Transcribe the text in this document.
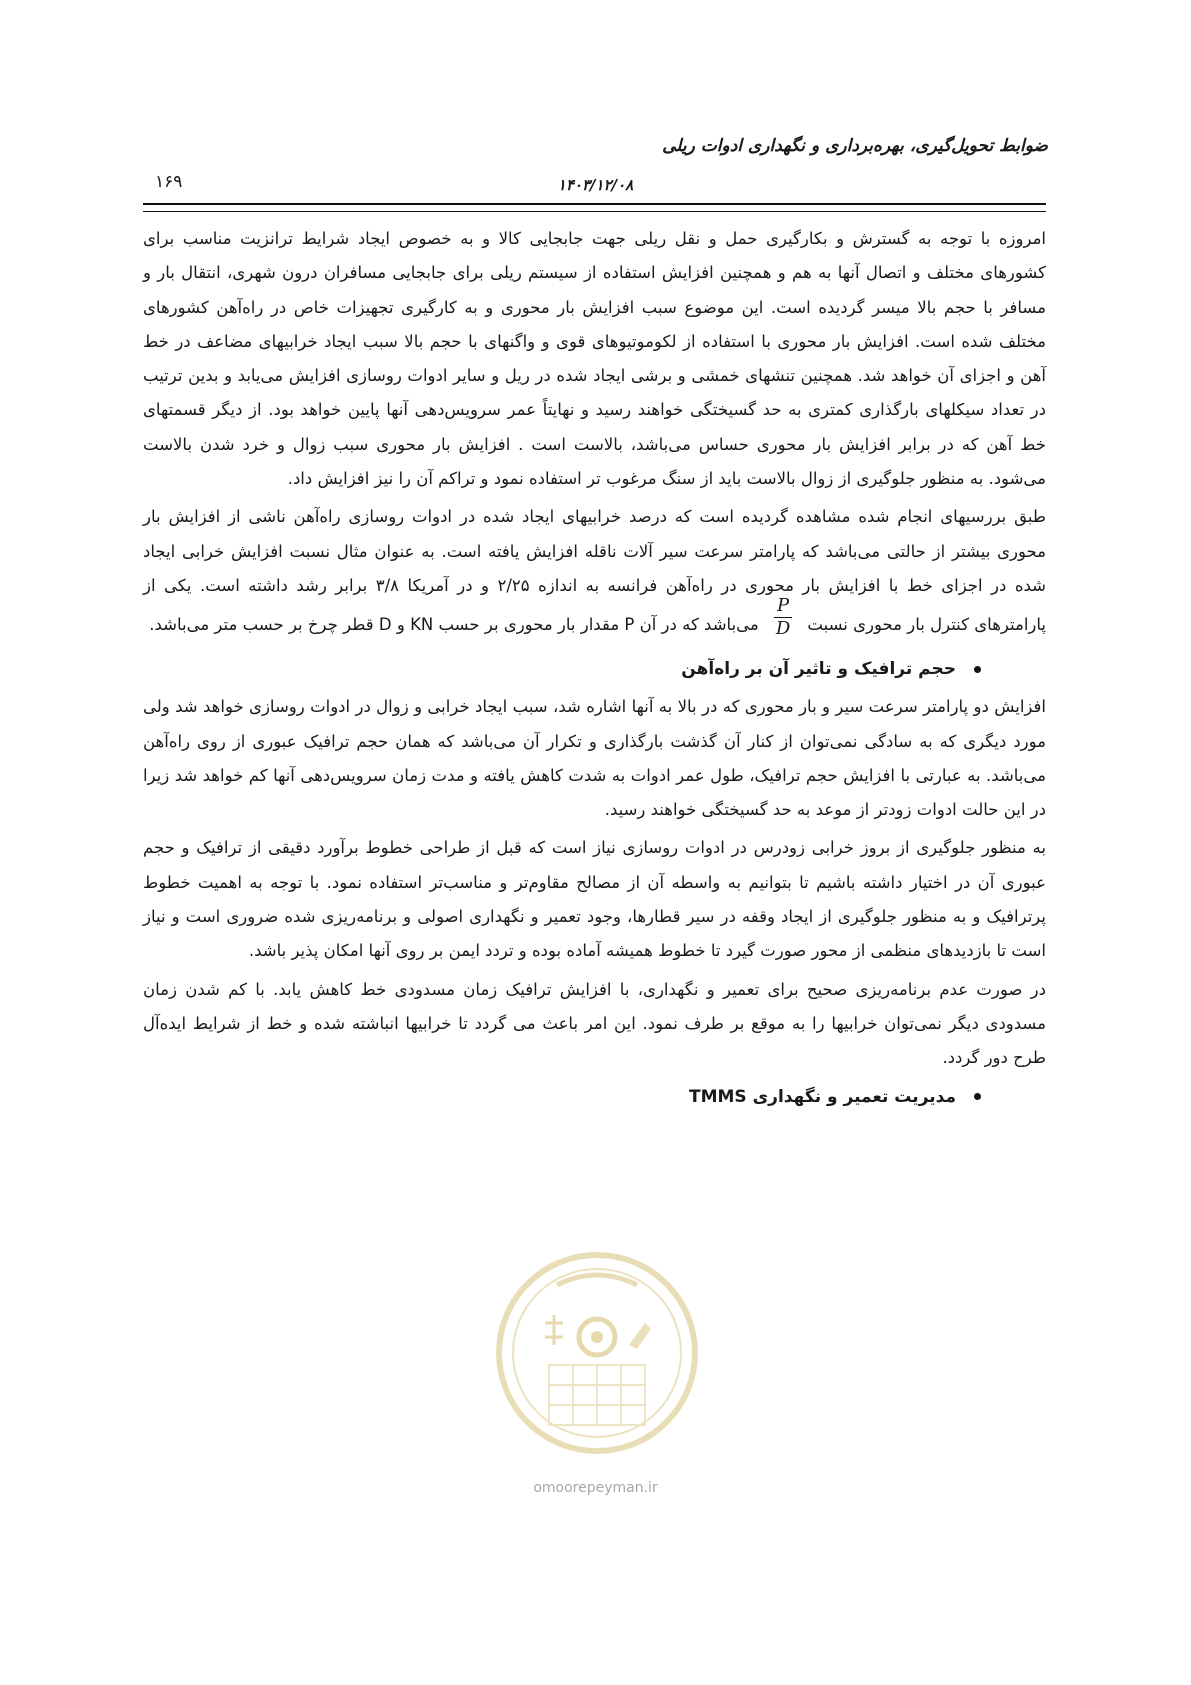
ضوابط تحویل‌گیری، بهره‌برداری و نگهداری ادوات ریلی
۱۶۹	۱۴۰۳/۱۲/۰۸

امروزه با توجه به گسترش و بکارگیری حمل و نقل ریلی جهت جابجایی کالا و به خصوص ایجاد شرایط ترانزیت مناسب برای کشورهای مختلف و اتصال آنها به هم و همچنین افزایش استفاده از سیستم ریلی برای جابجایی مسافران درون شهری، انتقال بار و مسافر با حجم بالا میسر گردیده است. این موضوع سبب افزایش بار محوری و به کارگیری تجهیزات خاص در راه‌آهن کشورهای مختلف شده است. افزایش بار محوری با استفاده از لکوموتیوهای قوی و واگنهای با حجم بالا سبب ایجاد خرابیهای مضاعف در خط آهن و اجزای آن خواهد شد. همچنین تنشهای خمشی و برشی ایجاد شده در ریل و سایر ادوات روسازی افزایش می‌یابد و بدین ترتیب در تعداد سیکلهای بارگذاری کمتری به حد گسیختگی خواهند رسید و نهایتاً عمر سرویس‌دهی آنها پایین خواهد بود. از دیگر قسمتهای خط آهن که در برابر افزایش بار محوری حساس می‌باشد، بالاست است . افزایش بار محوری سبب زوال و خرد شدن بالاست می‌شود. به منظور جلوگیری از زوال بالاست باید از سنگ مرغوب تر استفاده نمود و تراکم آن را نیز افزایش داد.

طبق بررسیهای انجام شده مشاهده گردیده است که درصد خرابیهای ایجاد شده در ادوات روسازی راه‌آهن ناشی از افزایش بار محوری بیشتر از حالتی می‌باشد که پارامتر سرعت سیر آلات ناقله افزایش یافته است. به عنوان مثال نسبت افزایش خرابی ایجاد شده در اجزای خط با افزایش بار محوری در راه‌آهن فرانسه به اندازه ۲/۲۵ و در آمریکا ۳/۸ برابر رشد داشته است. یکی از پارامترهای کنترل بار محوری نسبت
$\frac{P}{D}$
می‌باشد که در آن P مقدار بار محوری بر حسب KN و D قطر چرخ بر حسب متر می‌باشد.

حجم ترافیک و تاثیر آن بر راه‌آهن

افزایش دو پارامتر سرعت سیر و بار محوری که در بالا به آنها اشاره شد، سبب ایجاد خرابی و زوال در ادوات روسازی خواهد شد ولی مورد دیگری که به سادگی نمی‌توان از کنار آن گذشت بارگذاری و تکرار آن می‌باشد که همان حجم ترافیک عبوری از روی راه‌آهن می‌باشد. به عبارتی با افزایش حجم ترافیک، طول عمر ادوات به شدت کاهش یافته و مدت زمان سرویس‌دهی آنها کم خواهد شد زیرا در این حالت ادوات زودتر از موعد به حد گسیختگی خواهند رسید.

به منظور جلوگیری از بروز خرابی زودرس در ادوات روسازی نیاز است که قبل از طراحی خطوط برآورد دقیقی از ترافیک و حجم عبوری آن در اختیار داشته باشیم تا بتوانیم به واسطه آن از مصالح مقاوم‌تر و مناسب‌تر استفاده نمود. با توجه به اهمیت خطوط پرترافیک و به منظور جلوگیری از ایجاد وقفه در سیر قطارها، وجود تعمیر و نگهداری اصولی و برنامه‌ریزی شده ضروری است و نیاز است تا بازدیدهای منظمی از محور صورت گیرد تا خطوط همیشه آماده بوده و تردد ایمن بر روی آنها امکان پذیر باشد.

در صورت عدم برنامه‌ریزی صحیح برای تعمیر و نگهداری، با افزایش ترافیک زمان مسدودی خط کاهش یابد. با کم شدن زمان مسدودی دیگر نمی‌توان خرابیها را به موقع بر طرف نمود. این امر باعث می گردد تا خرابیها انباشته شده و خط از شرایط ایده‌آل طرح دور گردد.

مدیریت تعمیر و نگهداری TMMS
omoorepeyman.ir
